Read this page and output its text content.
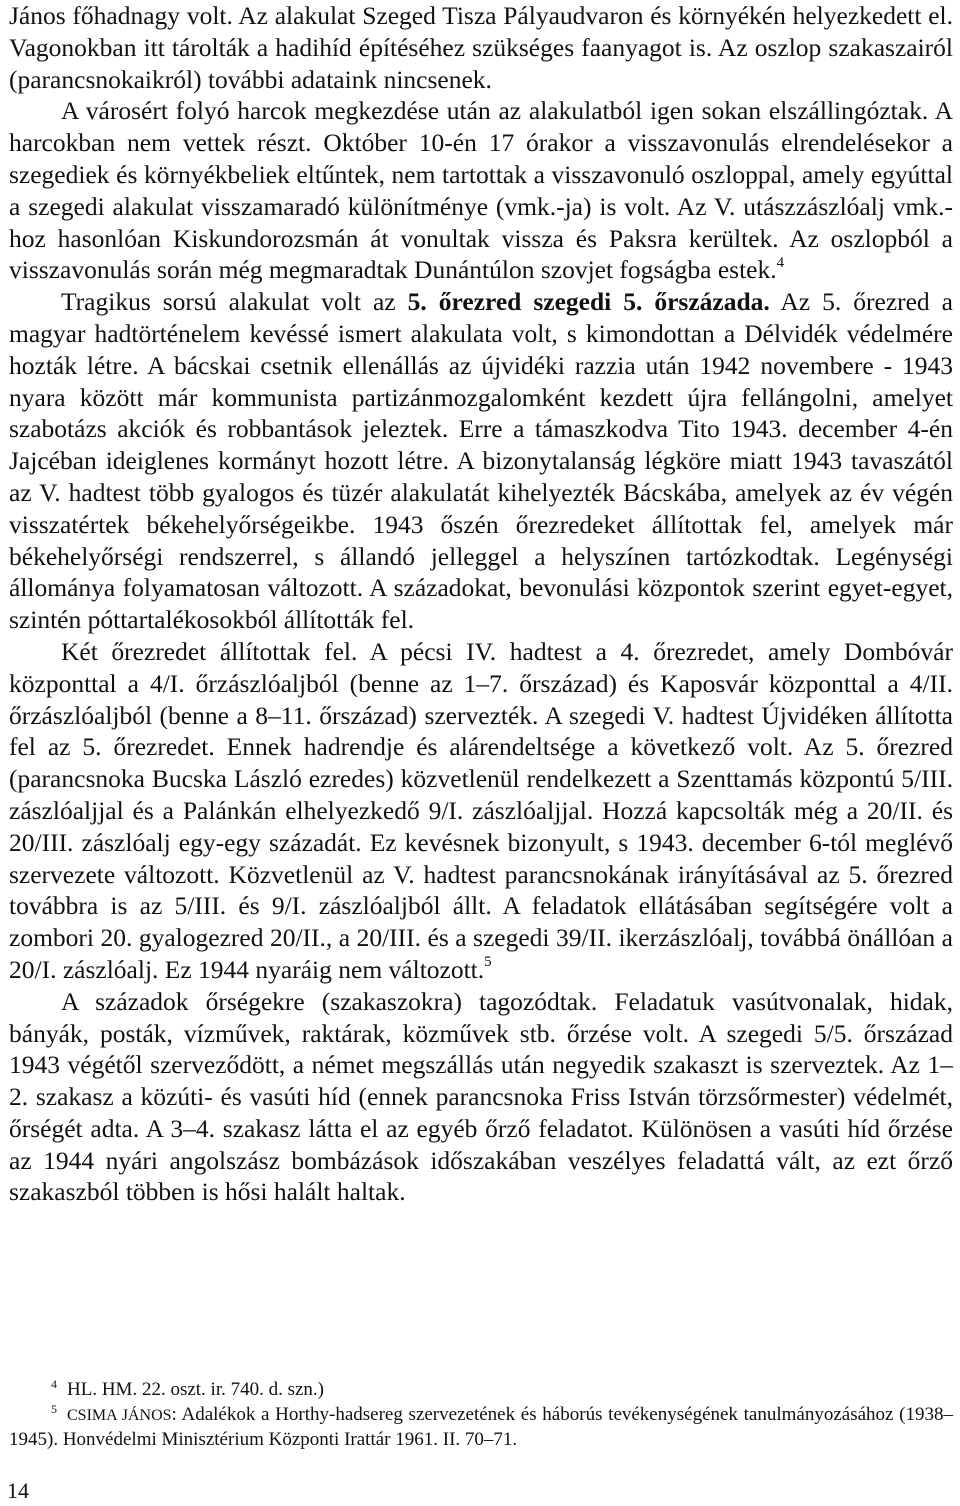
János főhadnagy volt. Az alakulat Szeged Tisza Pályaudvaron és környékén helyezkedett el. Vagonokban itt tárolták a hadihíd építéséhez szükséges faanyagot is. Az oszlop szakaszairól (parancsnokaikról) további adataink nincsenek.

A városért folyó harcok megkezdése után az alakulatból igen sokan elszállingóztak. A harcokban nem vettek részt. Október 10-én 17 órakor a visszavonulás elrendelésekor a szegediek és környékbeliek eltűntek, nem tartottak a visszavonuló oszloppal, amely egyúttal a szegedi alakulat visszamaradó különítménye (vmk.-ja) is volt. Az V. utászzászlóalj vmk.-hoz hasonlóan Kiskundorozsmán át vonultak vissza és Paksra kerültek. Az oszlopból a visszavonulás során még megmaradtak Dunántúlon szovjet fogságba estek.$^4$

Tragikus sorsú alakulat volt az 5. őrezred szegedi 5. őrszázada. Az 5. őrezred a magyar hadtörténelem kevéssé ismert alakulata volt, s kimondottan a Délvidék védelmére hozták létre. A bácskai csetnik ellenállás az újvidéki razzia után 1942 novembere - 1943 nyara között már kommunista partizánmozgalomként kezdett újra fellángolni, amelyet szabotázs akciók és robbantások jeleztek. Erre a támaszkodva Tito 1943. december 4-én Jajcéban ideiglenes kormányt hozott létre. A bizonytalanság légköre miatt 1943 tavaszától az V. hadtest több gyalogos és tüzér alakulatát kihelyezték Bácskába, amelyek az év végén visszatértek békehelyőrségeikbe. 1943 őszén őrezredeket állítottak fel, amelyek már békehelyőrségi rendszerrel, s állandó jelleggel a helyszínen tartózkodtak. Legénységi állománya folyamatosan változott. A századokat, bevonulási központok szerint egyet-egyet, szintén póttartalékosokból állították fel.

Két őrezredet állítottak fel. A pécsi IV. hadtest a 4. őrezredet, amely Dombóvár központtal a 4/I. őrzászlóaljból (benne az 1–7. őrszázad) és Kaposvár központtal a 4/II. őrzászlóaljból (benne a 8–11. őrszázad) szervezték. A szegedi V. hadtest Újvidéken állította fel az 5. őrezredet. Ennek hadrendje és alárendeltsége a következő volt. Az 5. őrezred (parancsnoka Bucska László ezredes) közvetlenül rendelkezett a Szenttamás központú 5/III. zászlóaljjal és a Palánkán elhelyezkedő 9/I. zászlóaljjal. Hozzá kapcsolták még a 20/II. és 20/III. zászlóalj egy-egy századát. Ez kevésnek bizonyult, s 1943. december 6-tól meglévő szervezete változott. Közvetlenül az V. hadtest parancsnokának irányításával az 5. őrezred továbbra is az 5/III. és 9/I. zászlóaljból állt. A feladatok ellátásában segítségére volt a zombori 20. gyalogezred 20/II., a 20/III. és a szegedi 39/II. ikerzászlóalj, továbbá önállóan a 20/I. zászlóalj. Ez 1944 nyaráig nem változott.$^5$

A századok őrségekre (szakaszokra) tagozódtak. Feladatuk vasútvonalak, hidak, bányák, posták, vízművek, raktárak, közművek stb. őrzése volt. A szegedi 5/5. őrszázad 1943 végétől szerveződött, a német megszállás után negyedik szakaszt is szerveztek. Az 1–2. szakasz a közúti- és vasúti híd (ennek parancsnoka Friss István törzsőrmester) védelmét, őrségét adta. A 3–4. szakasz látta el az egyéb őrző feladatot. Különösen a vasúti híd őrzése az 1944 nyári angolszász bombázások időszakában veszélyes feladattá vált, az ezt őrző szakaszból többen is hősi halált haltak.

$^4$ HL. HM. 22. oszt. ir. 740. d. szn.)

$^5$ CSIMA JÁNOS: Adalékok a Horthy-hadsereg szervezetének és háborús tevékenységének tanulmányozásához (1938–1945). Honvédelmi Minisztérium Központi Irattár 1961. II. 70–71.

14
